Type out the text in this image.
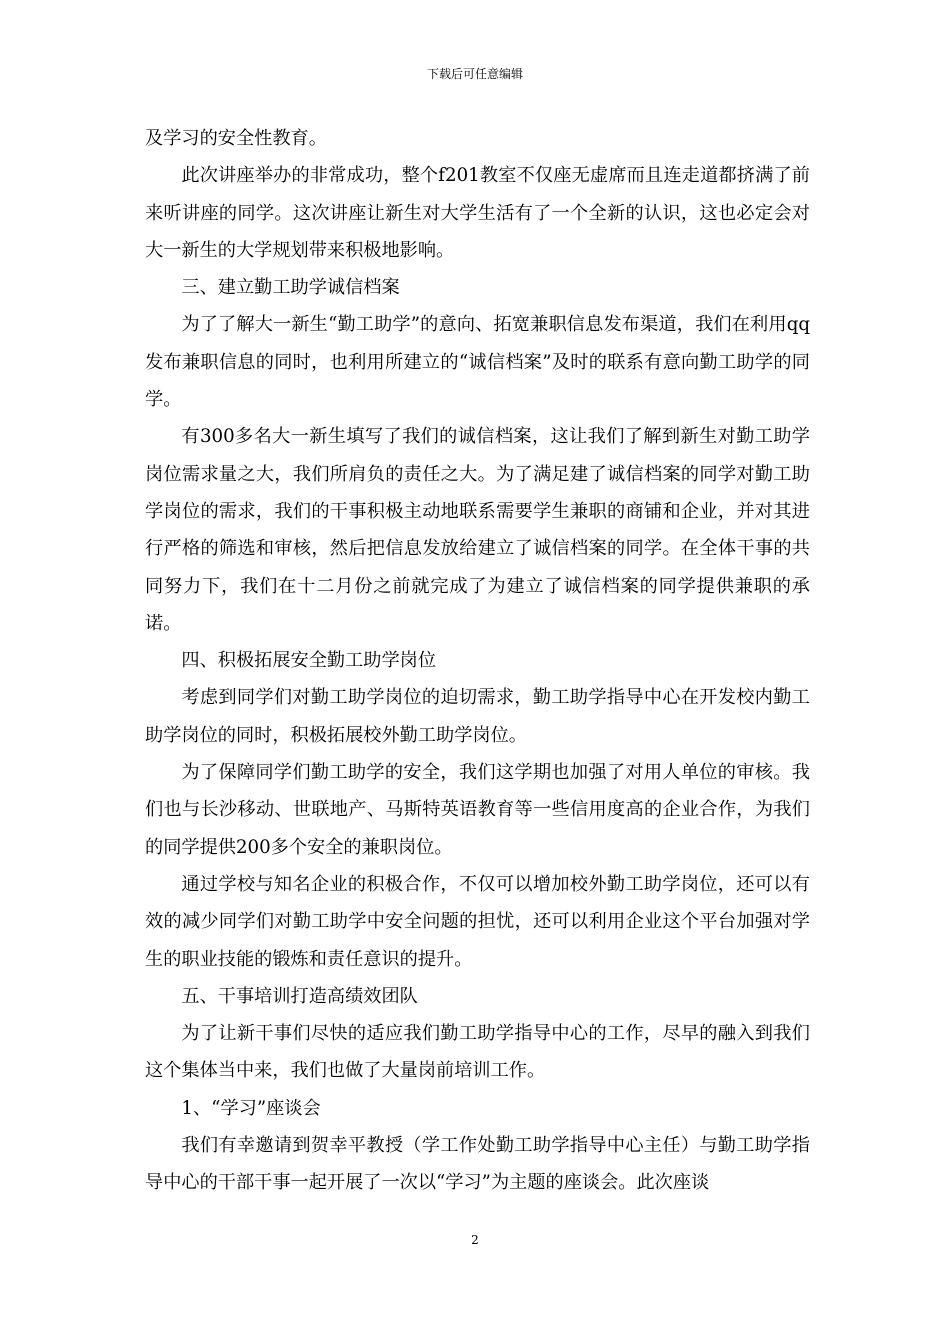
下载后可任意编辑

及学习的安全性教育。

此次讲座举办的非常成功，整个f201教室不仅座无虚席而且连走道都挤满了前来听讲座的同学。这次讲座让新生对大学生活有了一个全新的认识，这也必定会对大一新生的大学规划带来积极地影响。

三、建立勤工助学诚信档案

为了了解大一新生“勤工助学”的意向、拓宽兼职信息发布渠道，我们在利用qq发布兼职信息的同时，也利用所建立的“诚信档案”及时的联系有意向勤工助学的同学。

有300多名大一新生填写了我们的诚信档案，这让我们了解到新生对勤工助学岗位需求量之大，我们所肩负的责任之大。为了满足建了诚信档案的同学对勤工助学岗位的需求，我们的干事积极主动地联系需要学生兼职的商铺和企业，并对其进行严格的筛选和审核，然后把信息发放给建立了诚信档案的同学。在全体干事的共同努力下，我们在十二月份之前就完成了为建立了诚信档案的同学提供兼职的承诺。

四、积极拓展安全勤工助学岗位

考虑到同学们对勤工助学岗位的迫切需求，勤工助学指导中心在开发校内勤工助学岗位的同时，积极拓展校外勤工助学岗位。

为了保障同学们勤工助学的安全，我们这学期也加强了对用人单位的审核。我们也与长沙移动、世联地产、马斯特英语教育等一些信用度高的企业合作，为我们的同学提供200多个安全的兼职岗位。

通过学校与知名企业的积极合作，不仅可以增加校外勤工助学岗位，还可以有效的减少同学们对勤工助学中安全问题的担忧，还可以利用企业这个平台加强对学生的职业技能的锻炼和责任意识的提升。

五、干事培训打造高绩效团队

为了让新干事们尽快的适应我们勤工助学指导中心的工作，尽早的融入到我们这个集体当中来，我们也做了大量岗前培训工作。

1、“学习”座谈会

我们有幸邀请到贺幸平教授（学工作处勤工助学指导中心主任）与勤工助学指导中心的干部干事一起开展了一次以“学习”为主题的座谈会。此次座谈

2
